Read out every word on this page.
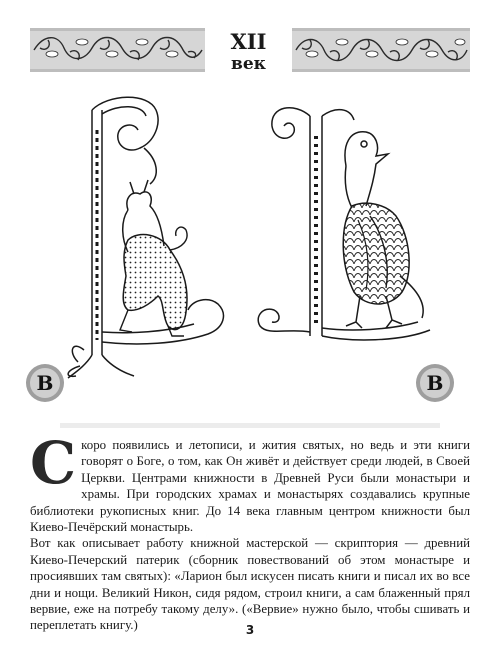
XII
век
В	В

Скоро появились и летописи, и жития святых, но ведь и эти книги говорят о Боге, о том, как Он живёт и действует среди людей, в Своей Церкви. Центрами книжности в Древней Руси были монастыри и храмы. При городских храмах и монастырях создавались крупные библиотеки рукописных книг. До 14 века главным центром книжности был Киево-Печёрский монастырь.

Вот как описывает работу книжной мастерской — скриптория — древний Киево-Печерский патерик (сборник повествований об этом монастыре и просиявших там святых): «Ларион был искусен писать книги и писал их во все дни и нощи. Великий Никон, сидя рядом, строил книги, а сам блаженный прял вервие, еже на потребу такому делу». («Вервие» нужно было, чтобы сшивать и переплетать книгу.)	3
